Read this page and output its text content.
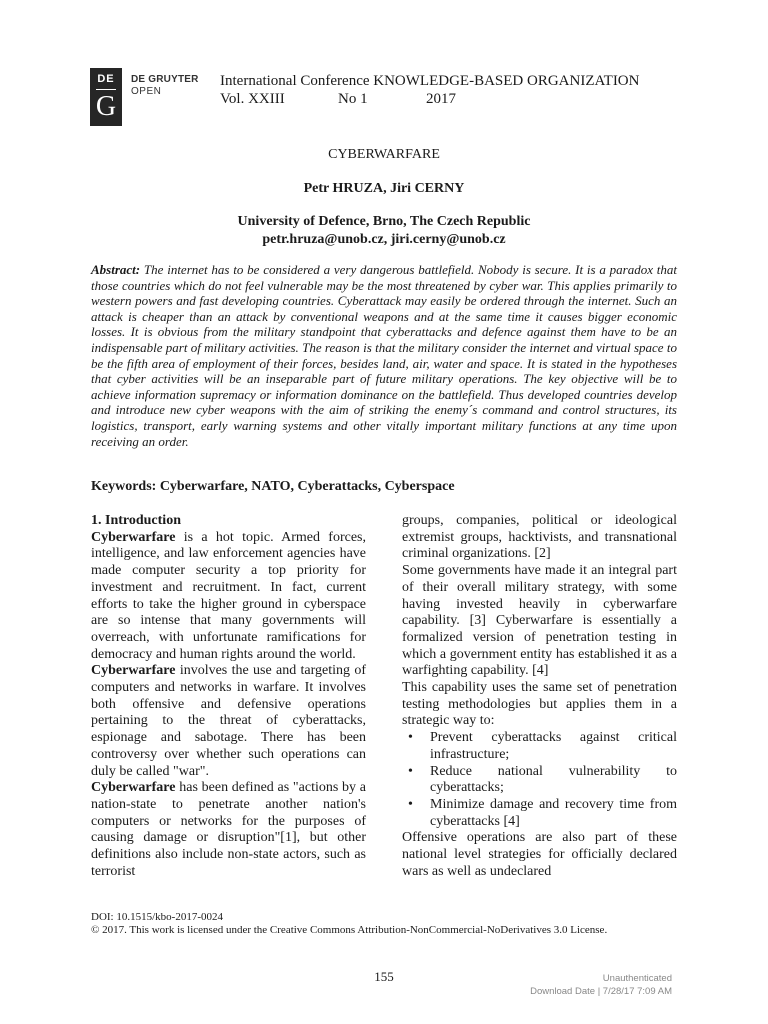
DE
G
DE GRUYTER
OPEN
International Conference KNOWLEDGE-BASED ORGANIZATION
Vol. XXIII	No 1	2017
CYBERWARFARE
Petr HRUZA, Jiri CERNY
University of Defence, Brno, The Czech Republic
petr.hruza@unob.cz, jiri.cerny@unob.cz
Abstract: The internet has to be considered a very dangerous battlefield. Nobody is secure. It is a paradox that those countries which do not feel vulnerable may be the most threatened by cyber war. This applies primarily to western powers and fast developing countries. Cyberattack may easily be ordered through the internet. Such an attack is cheaper than an attack by conventional weapons and at the same time it causes bigger economic losses. It is obvious from the military standpoint that cyberattacks and defence against them have to be an indispensable part of military activities. The reason is that the military consider the internet and virtual space to be the fifth area of employment of their forces, besides land, air, water and space. It is stated in the hypotheses that cyber activities will be an inseparable part of future military operations. The key objective will be to achieve information supremacy or information dominance on the battlefield. Thus developed countries develop and introduce new cyber weapons with the aim of striking the enemy´s command and control structures, its logistics, transport, early warning systems and other vitally important military functions at any time upon receiving an order.
Keywords: Cyberwarfare, NATO, Cyberattacks, Cyberspace

1. Introduction

Cyberwarfare is a hot topic. Armed forces, intelligence, and law enforcement agencies have made computer security a top priority for investment and recruitment. In fact, current efforts to take the higher ground in cyberspace are so intense that many governments will overreach, with unfortunate ramifications for democracy and human rights around the world.

Cyberwarfare involves the use and targeting of computers and networks in warfare. It involves both offensive and defensive operations pertaining to the threat of cyberattacks, espionage and sabotage. There has been controversy over whether such operations can duly be called "war".

Cyberwarfare has been defined as "actions by a nation-state to penetrate another nation's computers or networks for the purposes of causing damage or disruption"[1], but other definitions also include non-state actors, such as terrorist

groups, companies, political or ideological extremist groups, hacktivists, and transnational criminal organizations. [2]

Some governments have made it an integral part of their overall military strategy, with some having invested heavily in cyberwarfare capability. [3] Cyberwarfare is essentially a formalized version of penetration testing in which a government entity has established it as a warfighting capability. [4]

This capability uses the same set of penetration testing methodologies but applies them in a strategic way to:

• Prevent cyberattacks against critical infrastructure;
• Reduce national vulnerability to cyberattacks;
• Minimize damage and recovery time from cyberattacks [4]

Offensive operations are also part of these national level strategies for officially declared wars as well as undeclared

DOI: 10.1515/kbo-2017-0024
© 2017. This work is licensed under the Creative Commons Attribution-NonCommercial-NoDerivatives 3.0 License.
155	Unauthenticated
Download Date | 7/28/17 7:09 AM
